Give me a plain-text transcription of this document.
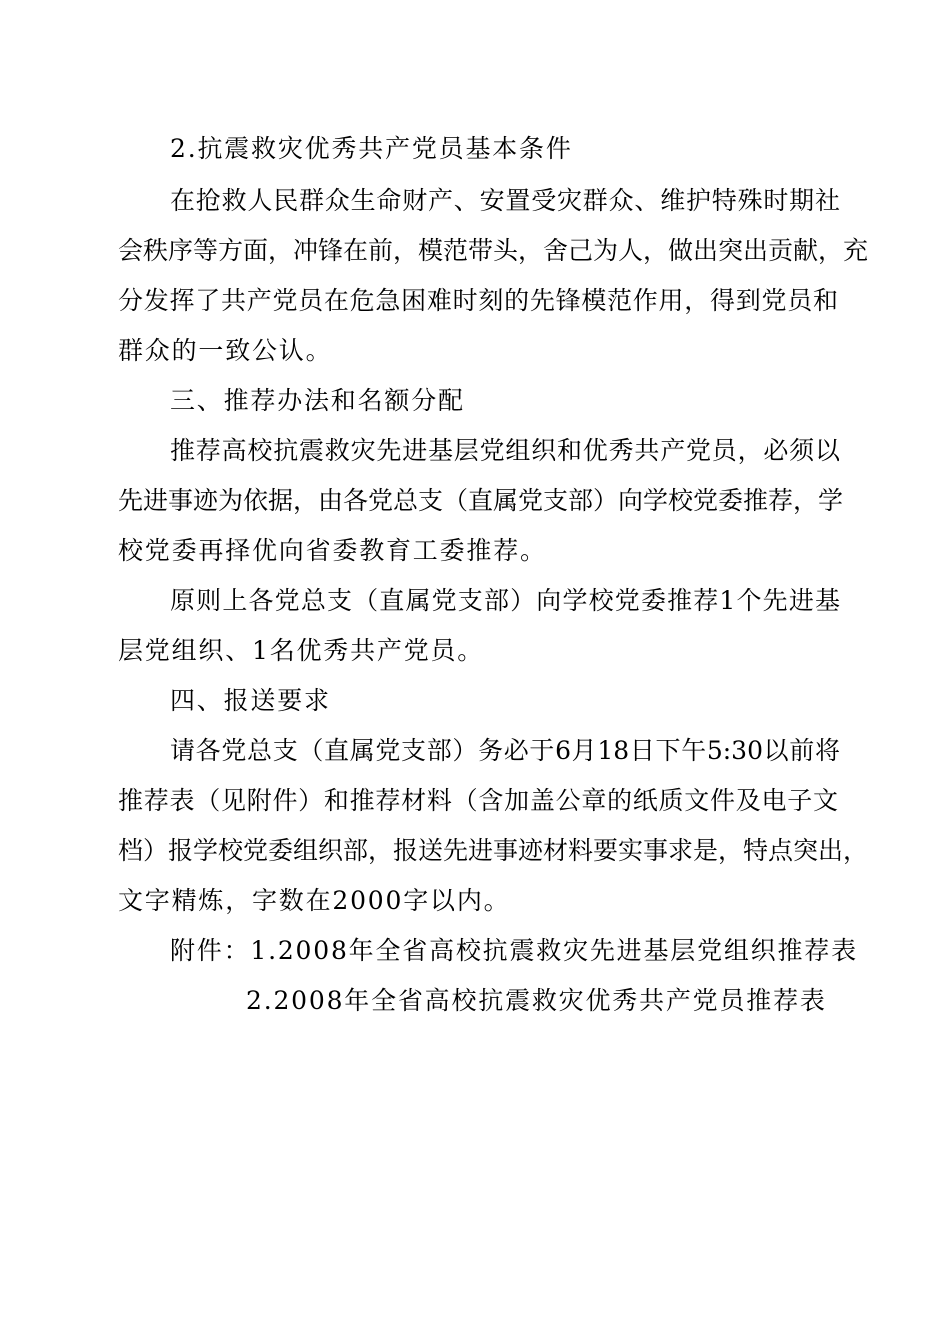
2.抗震救灾优秀共产党员基本条件
在抢救人民群众生命财产、安置受灾群众、维护特殊时期社
会秩序等方面，冲锋在前，模范带头，舍己为人，做出突出贡献，充
分发挥了共产党员在危急困难时刻的先锋模范作用，得到党员和
群众的一致公认。
三、推荐办法和名额分配
推荐高校抗震救灾先进基层党组织和优秀共产党员，必须以
先进事迹为依据，由各党总支（直属党支部）向学校党委推荐，学
校党委再择优向省委教育工委推荐。
原则上各党总支（直属党支部）向学校党委推荐1个先进基
层党组织、1名优秀共产党员。
四、报送要求
请各党总支（直属党支部）务必于6月18日下午5:30以前将
推荐表（见附件）和推荐材料（含加盖公章的纸质文件及电子文
档）报学校党委组织部，报送先进事迹材料要实事求是，特点突出，
文字精炼，字数在2000字以内。
附件：1.2008年全省高校抗震救灾先进基层党组织推荐表
2.2008年全省高校抗震救灾优秀共产党员推荐表
